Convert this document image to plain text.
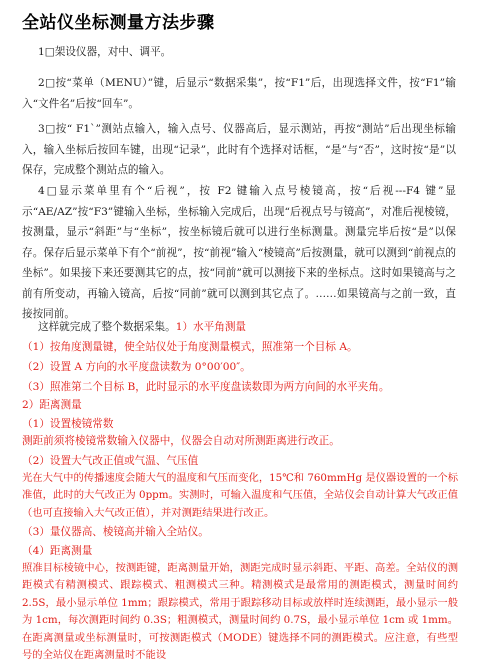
全站仪坐标测量方法步骤

1□架设仪器，对中、调平。

2□按“菜单（MENU）”键，后显示“数据采集”，按“F1”后，出现选择文件，按“F1”输入“文件名”后按“回车”。

3□按“ F1`”测站点输入，输入点号、仪器高后，显示测站，再按“测站”后出现坐标输入，输入坐标后按回车键，出现“记录”，此时有个选择对话框，“是”与“否”，这时按“是”以保存，完成整个测站点的输入。

4□显示菜单里有个“后视”，按 F2 键输入点号棱镜高，按“后视---F4 键”显示“AE/AZ”按“F3”键输入坐标，坐标输入完成后，出现“后视点号与镜高”，对准后视棱镜，按测量，显示“斜距”与“坐标”，按坐标镜后就可以进行坐标测量。测量完毕后按“是”以保存。保存后显示菜单下有个“前视”，按“前视”输入“棱镜高”后按测量，就可以测到“前视点的坐标”。如果接下来还要测其它的点，按“同前”就可以测接下来的坐标点。这时如果镜高与之前有所变动，再输入镜高，后按“同前”就可以测到其它点了。……如果镜高与之前一致，直接按同前。

这样就完成了整个数据采集。1）水平角测量

（1）按角度测量键，使全站仪处于角度测量模式，照准第一个目标 A。

（2）设置 A 方向的水平度盘读数为 0°00′00″。

（3）照准第二个目标 B，此时显示的水平度盘读数即为两方向间的水平夹角。

2）距离测量

（1）设置棱镜常数

测距前须将棱镜常数输入仪器中，仪器会自动对所测距离进行改正。

（2）设置大气改正值或气温、气压值

光在大气中的传播速度会随大气的温度和气压而变化，15℃和 760mmHg 是仪器设置的一个标准值，此时的大气改正为 0ppm。实测时，可输入温度和气压值，全站仪会自动计算大气改正值（也可直接输入大气改正值），并对测距结果进行改正。

（3）量仪器高、棱镜高并输入全站仪。

（4）距离测量

照准目标棱镜中心，按测距键，距离测量开始，测距完成时显示斜距、平距、高差。全站仪的测距模式有精测模式、跟踪模式、粗测模式三种。精测模式是最常用的测距模式，测量时间约 2.5S，最小显示单位 1mm；跟踪模式，常用于跟踪移动目标或放样时连续测距，最小显示一般为 1cm，每次测距时间约 0.3S；粗测模式，测量时间约 0.7S，最小显示单位 1cm 或 1mm。在距离测量或坐标测量时，可按测距模式（MODE）键选择不同的测距模式。应注意，有些型号的全站仪在距离测量时不能设
